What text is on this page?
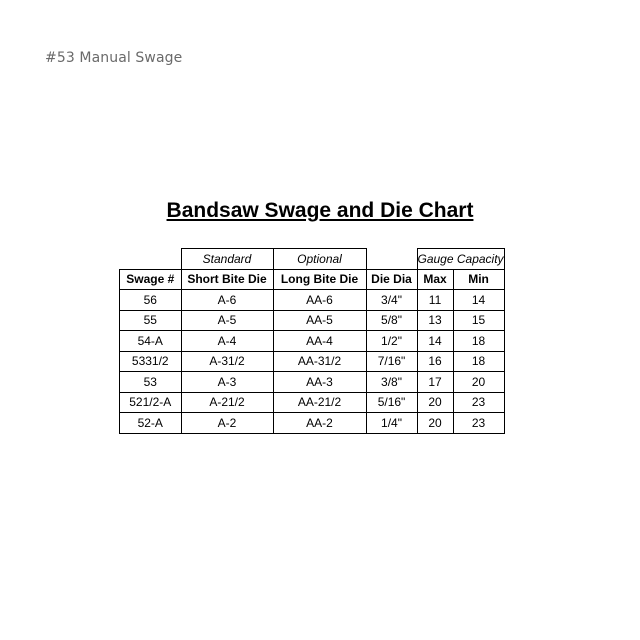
#53 Manual Swage
Bandsaw Swage and Die Chart
	Standard	Optional		Gauge Capacity	
Swage #	Short Bite Die	Long Bite Die	Die Dia	Max	Min
56	A-6	AA-6	3/4"	11	14
55	A-5	AA-5	5/8"	13	15
54-A	A-4	AA-4	1/2"	14	18
5331/2	A-31/2	AA-31/2	7/16"	16	18
53	A-3	AA-3	3/8"	17	20
521/2-A	A-21/2	AA-21/2	5/16"	20	23
52-A	A-2	AA-2	1/4"	20	23
